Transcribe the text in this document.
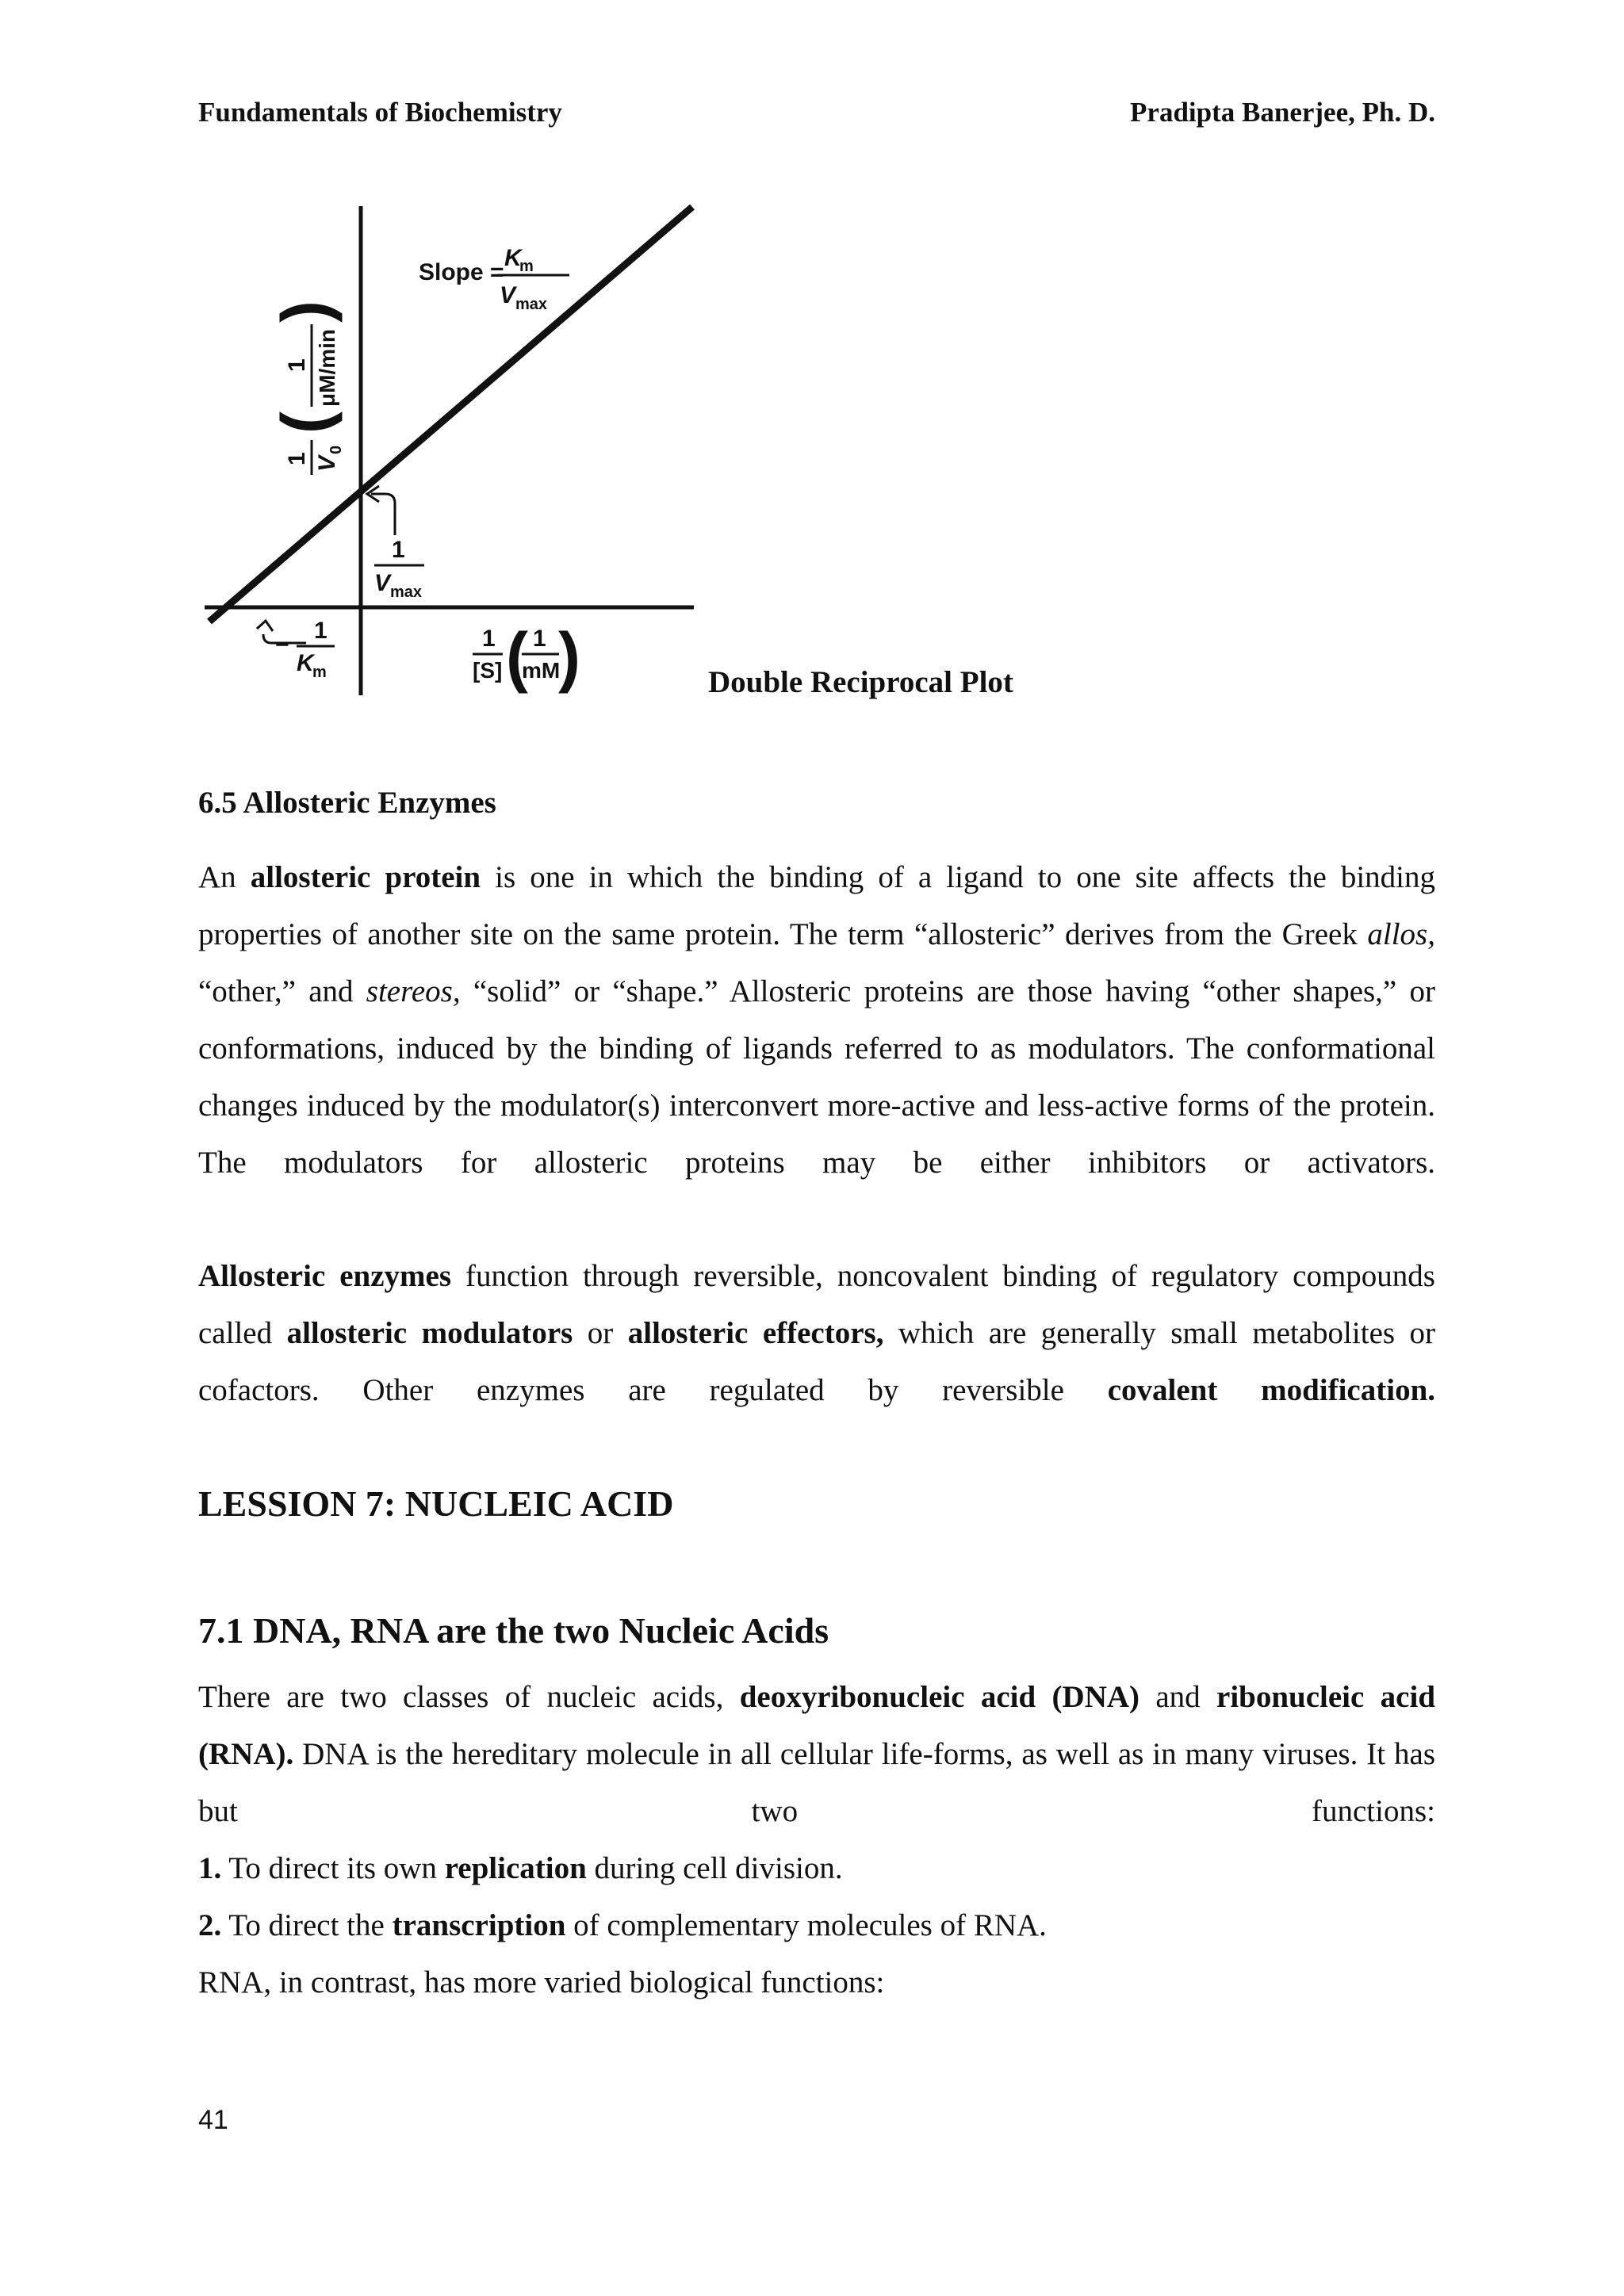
Fundamentals of Biochemistry	Pradipta Banerjee, Ph. D.
Slope =
K
m
V max
1 V
0
(
1 μM/min
)
1
V max
−
1
K
m
1
[S] ( 1
mM
)	Double Reciprocal Plot
6.5 Allosteric Enzymes

An allosteric protein is one in which the binding of a ligand to one site affects the binding properties of another site on the same protein. The term “allosteric” derives from the Greek allos, “other,” and stereos, “solid” or “shape.” Allosteric proteins are those having “other shapes,” or conformations, induced by the binding of ligands referred to as modulators. The conformational changes induced by the modulator(s) interconvert more-active and less-active forms of the protein. The modulators for allosteric proteins may be either inhibitors or activators.

Allosteric enzymes function through reversible, noncovalent binding of regulatory compounds called allosteric modulators or allosteric effectors, which are generally small metabolites or cofactors. Other enzymes are regulated by reversible covalent modification.

LESSION 7: NUCLEIC ACID
7.1 DNA, RNA are the two Nucleic Acids

There are two classes of nucleic acids, deoxyribonucleic acid (DNA) and ribonucleic acid (RNA). DNA is the hereditary molecule in all cellular life-forms, as well as in many viruses. It has but two functions:

1. To direct its own replication during cell division.
2. To direct the transcription of complementary molecules of RNA.
RNA, in contrast, has more varied biological functions:
41
